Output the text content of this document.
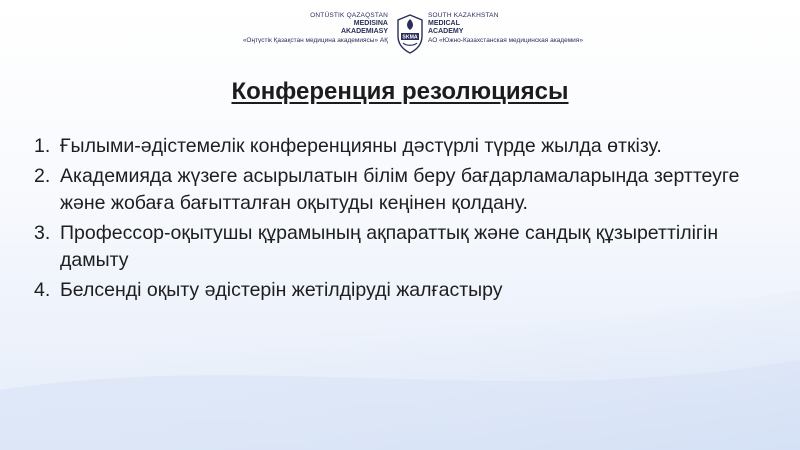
ONTÜSTIK QAZAQSTAN
MEDISINA
AKADEMIASY
«Оңтүстік Қазақстан медицина академиясы» АҚ	SKMA
SOUTH KAZAKHSTAN
MEDICAL
ACADEMY
АО «Южно-Казахстанская медицинская академия»
Конференция резолюциясы
1. Ғылыми-әдістемелік конференцияны дәстүрлі түрде жылда өткізу.
2. Академияда жүзеге асырылатын білім беру бағдарламаларында зерттеуге және жобаға бағытталған оқытуды кеңінен қолдану.
3. Профессор-оқытушы құрамының ақпараттық және сандық құзыреттілігін дамыту
4. Белсенді оқыту әдістерін жетілдіруді жалғастыру
